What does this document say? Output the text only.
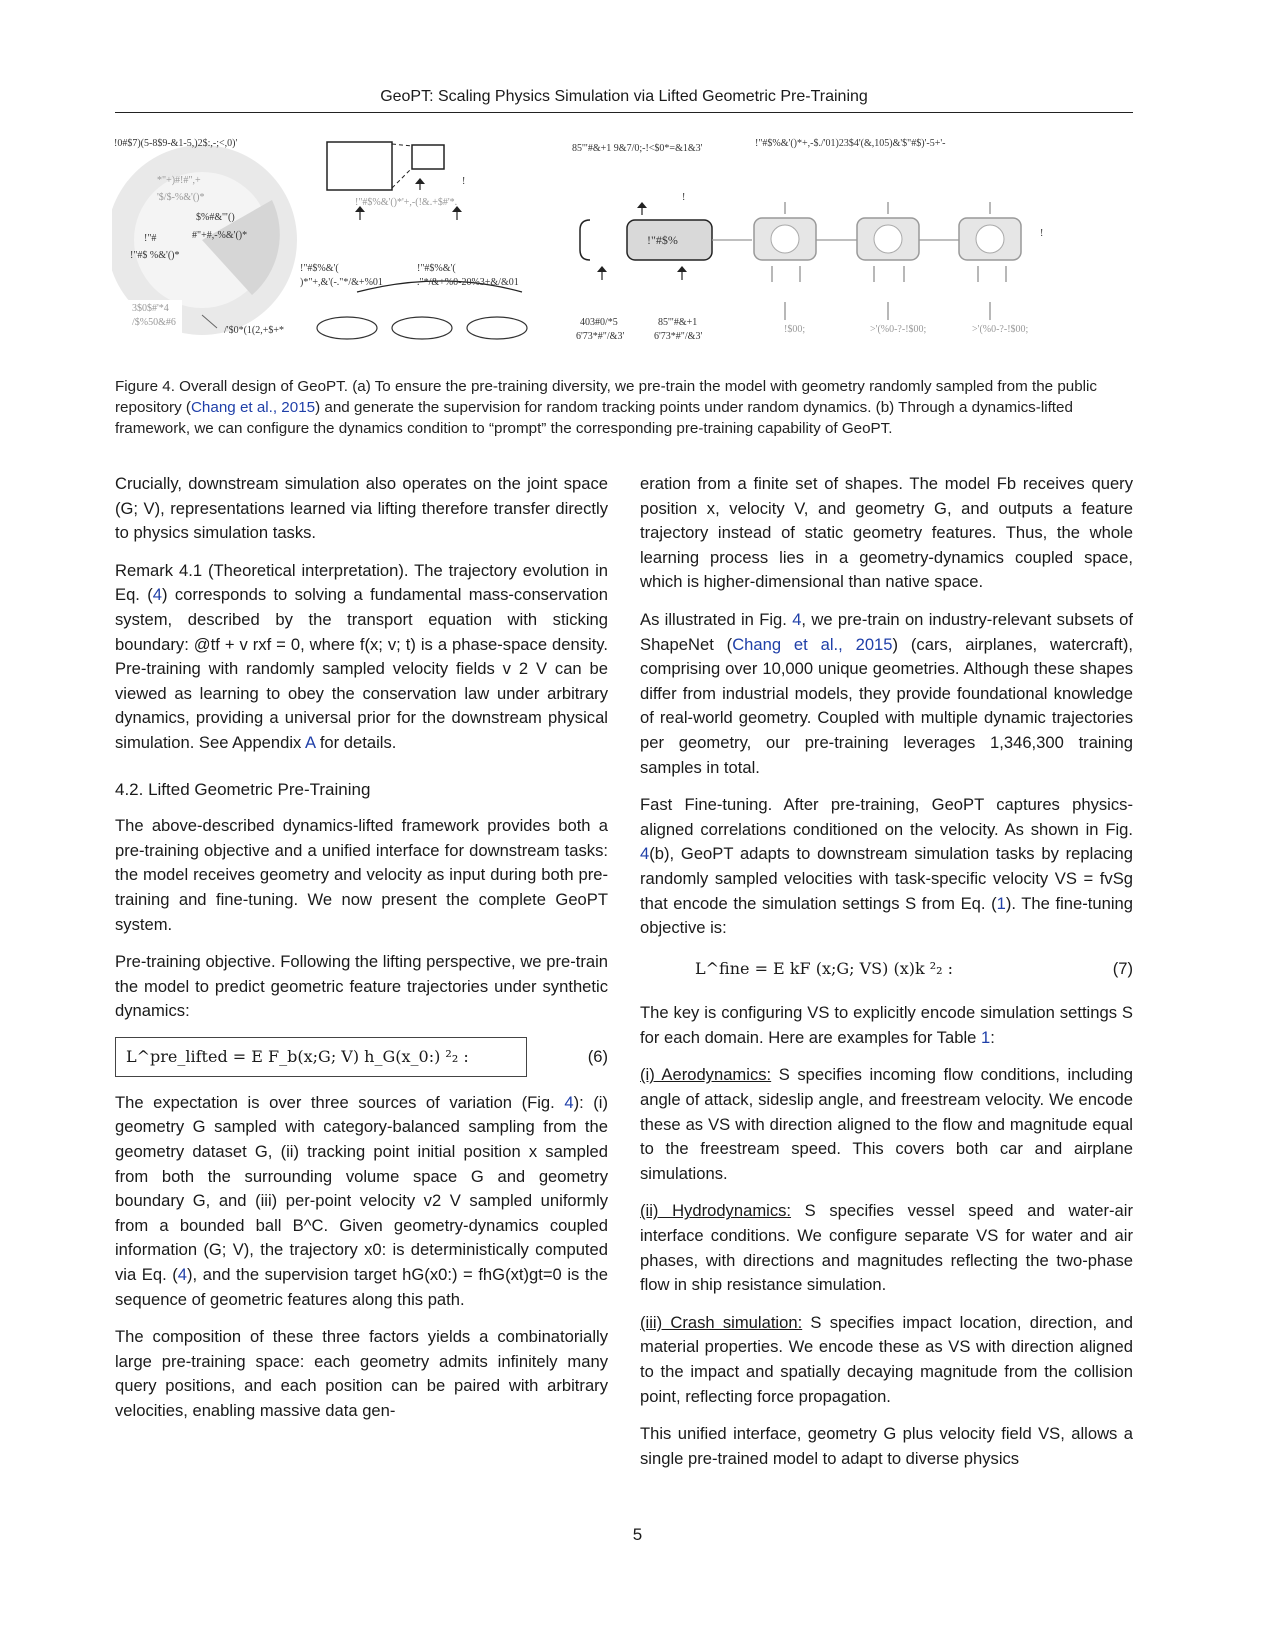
GeoPT: Scaling Physics Simulation via Lifted Geometric Pre-Training
!0#$7)(5-8$9-&1-5,)2$:,-;<,0)'
*"+)#!#",+
'$/$-%&'()*
$%#&'"()
#"+#,-%&'()*
!"#
!"#$ %&'()*
3$0$#'*4
/$%50&#6
/'$0*(1(2,+$+*
!"#$%&'()*'+,-(!&.+$#'*.
!
!"#$%&'(
)*"+,&'(-."*/&+%01
!"#$%&'(
."*/&+%0-20%3+&/&01
85'"#&+1 9&7/0;-!<$0*=&1&3'	!"#$%&'()*+,-$./'01)23$4'(&,105)&'$"#$)'-5+'-
!
!"#$%	!
403#0/*5
6'73*#"/&3'
85'"#&+1
6'73*#"/&3'
!$00;	>'(%0-?-!$00;	>'(%0-?-!$00;
Figure 4. Overall design of GeoPT. (a) To ensure the pre-training diversity, we pre-train the model with geometry randomly sampled from the public repository (Chang et al., 2015) and generate the supervision for random tracking points under random dynamics. (b) Through a dynamics-lifted framework, we can configure the dynamics condition to “prompt” the corresponding pre-training capability of GeoPT.

Crucially, downstream simulation also operates on the joint space (G; V), representations learned via lifting therefore transfer directly to physics simulation tasks.

Remark 4.1 (Theoretical interpretation). The trajectory evolution in Eq. (4) corresponds to solving a fundamental mass-conservation system, described by the transport equation with sticking boundary: @tf + v rxf = 0, where f(x; v; t) is a phase-space density. Pre-training with randomly sampled velocity fields v 2 V can be viewed as learning to obey the conservation law under arbitrary dynamics, providing a universal prior for the downstream physical simulation. See Appendix A for details.

4.2. Lifted Geometric Pre-Training

The above-described dynamics-lifted framework provides both a pre-training objective and a unified interface for downstream tasks: the model receives geometry and velocity as input during both pre-training and fine-tuning. We now present the complete GeoPT system.

Pre-training objective. Following the lifting perspective, we pre-train the model to predict geometric feature trajectories under synthetic dynamics:

L^pre_lifted = E F_b(x;G; V) h_G(x_0:) ²₂ :	(6)

The expectation is over three sources of variation (Fig. 4): (i) geometry G sampled with category-balanced sampling from the geometry dataset G, (ii) tracking point initial position x sampled from both the surrounding volume space G and geometry boundary G, and (iii) per-point velocity v2 V sampled uniformly from a bounded ball B^C. Given geometry-dynamics coupled information (G; V), the trajectory x0: is deterministically computed via Eq. (4), and the supervision target hG(x0:) = fhG(xt)gt=0 is the sequence of geometric features along this path.

The composition of these three factors yields a combinatorially large pre-training space: each geometry admits infinitely many query positions, and each position can be paired with arbitrary velocities, enabling massive data gen-

eration from a finite set of shapes. The model Fb receives query position x, velocity V, and geometry G, and outputs a feature trajectory instead of static geometry features. Thus, the whole learning process lies in a geometry-dynamics coupled space, which is higher-dimensional than native space.

As illustrated in Fig. 4, we pre-train on industry-relevant subsets of ShapeNet (Chang et al., 2015) (cars, airplanes, watercraft), comprising over 10,000 unique geometries. Although these shapes differ from industrial models, they provide foundational knowledge of real-world geometry. Coupled with multiple dynamic trajectories per geometry, our pre-training leverages 1,346,300 training samples in total.

Fast Fine-tuning. After pre-training, GeoPT captures physics-aligned correlations conditioned on the velocity. As shown in Fig. 4(b), GeoPT adapts to downstream simulation tasks by replacing randomly sampled velocities with task-specific velocity VS = fvSg that encode the simulation settings S from Eq. (1). The fine-tuning objective is:

L^fine = E kF (x;G; VS) (x)k ²₂ :	(7)

The key is configuring VS to explicitly encode simulation settings S for each domain. Here are examples for Table 1:

(i) Aerodynamics: S specifies incoming flow conditions, including angle of attack, sideslip angle, and freestream velocity. We encode these as VS with direction aligned to the flow and magnitude equal to the freestream speed. This covers both car and airplane simulations.

(ii) Hydrodynamics: S specifies vessel speed and water-air interface conditions. We configure separate VS for water and air phases, with directions and magnitudes reflecting the two-phase flow in ship resistance simulation.

(iii) Crash simulation: S specifies impact location, direction, and material properties. We encode these as VS with direction aligned to the impact and spatially decaying magnitude from the collision point, reflecting force propagation.

This unified interface, geometry G plus velocity field VS, allows a single pre-trained model to adapt to diverse physics

5
